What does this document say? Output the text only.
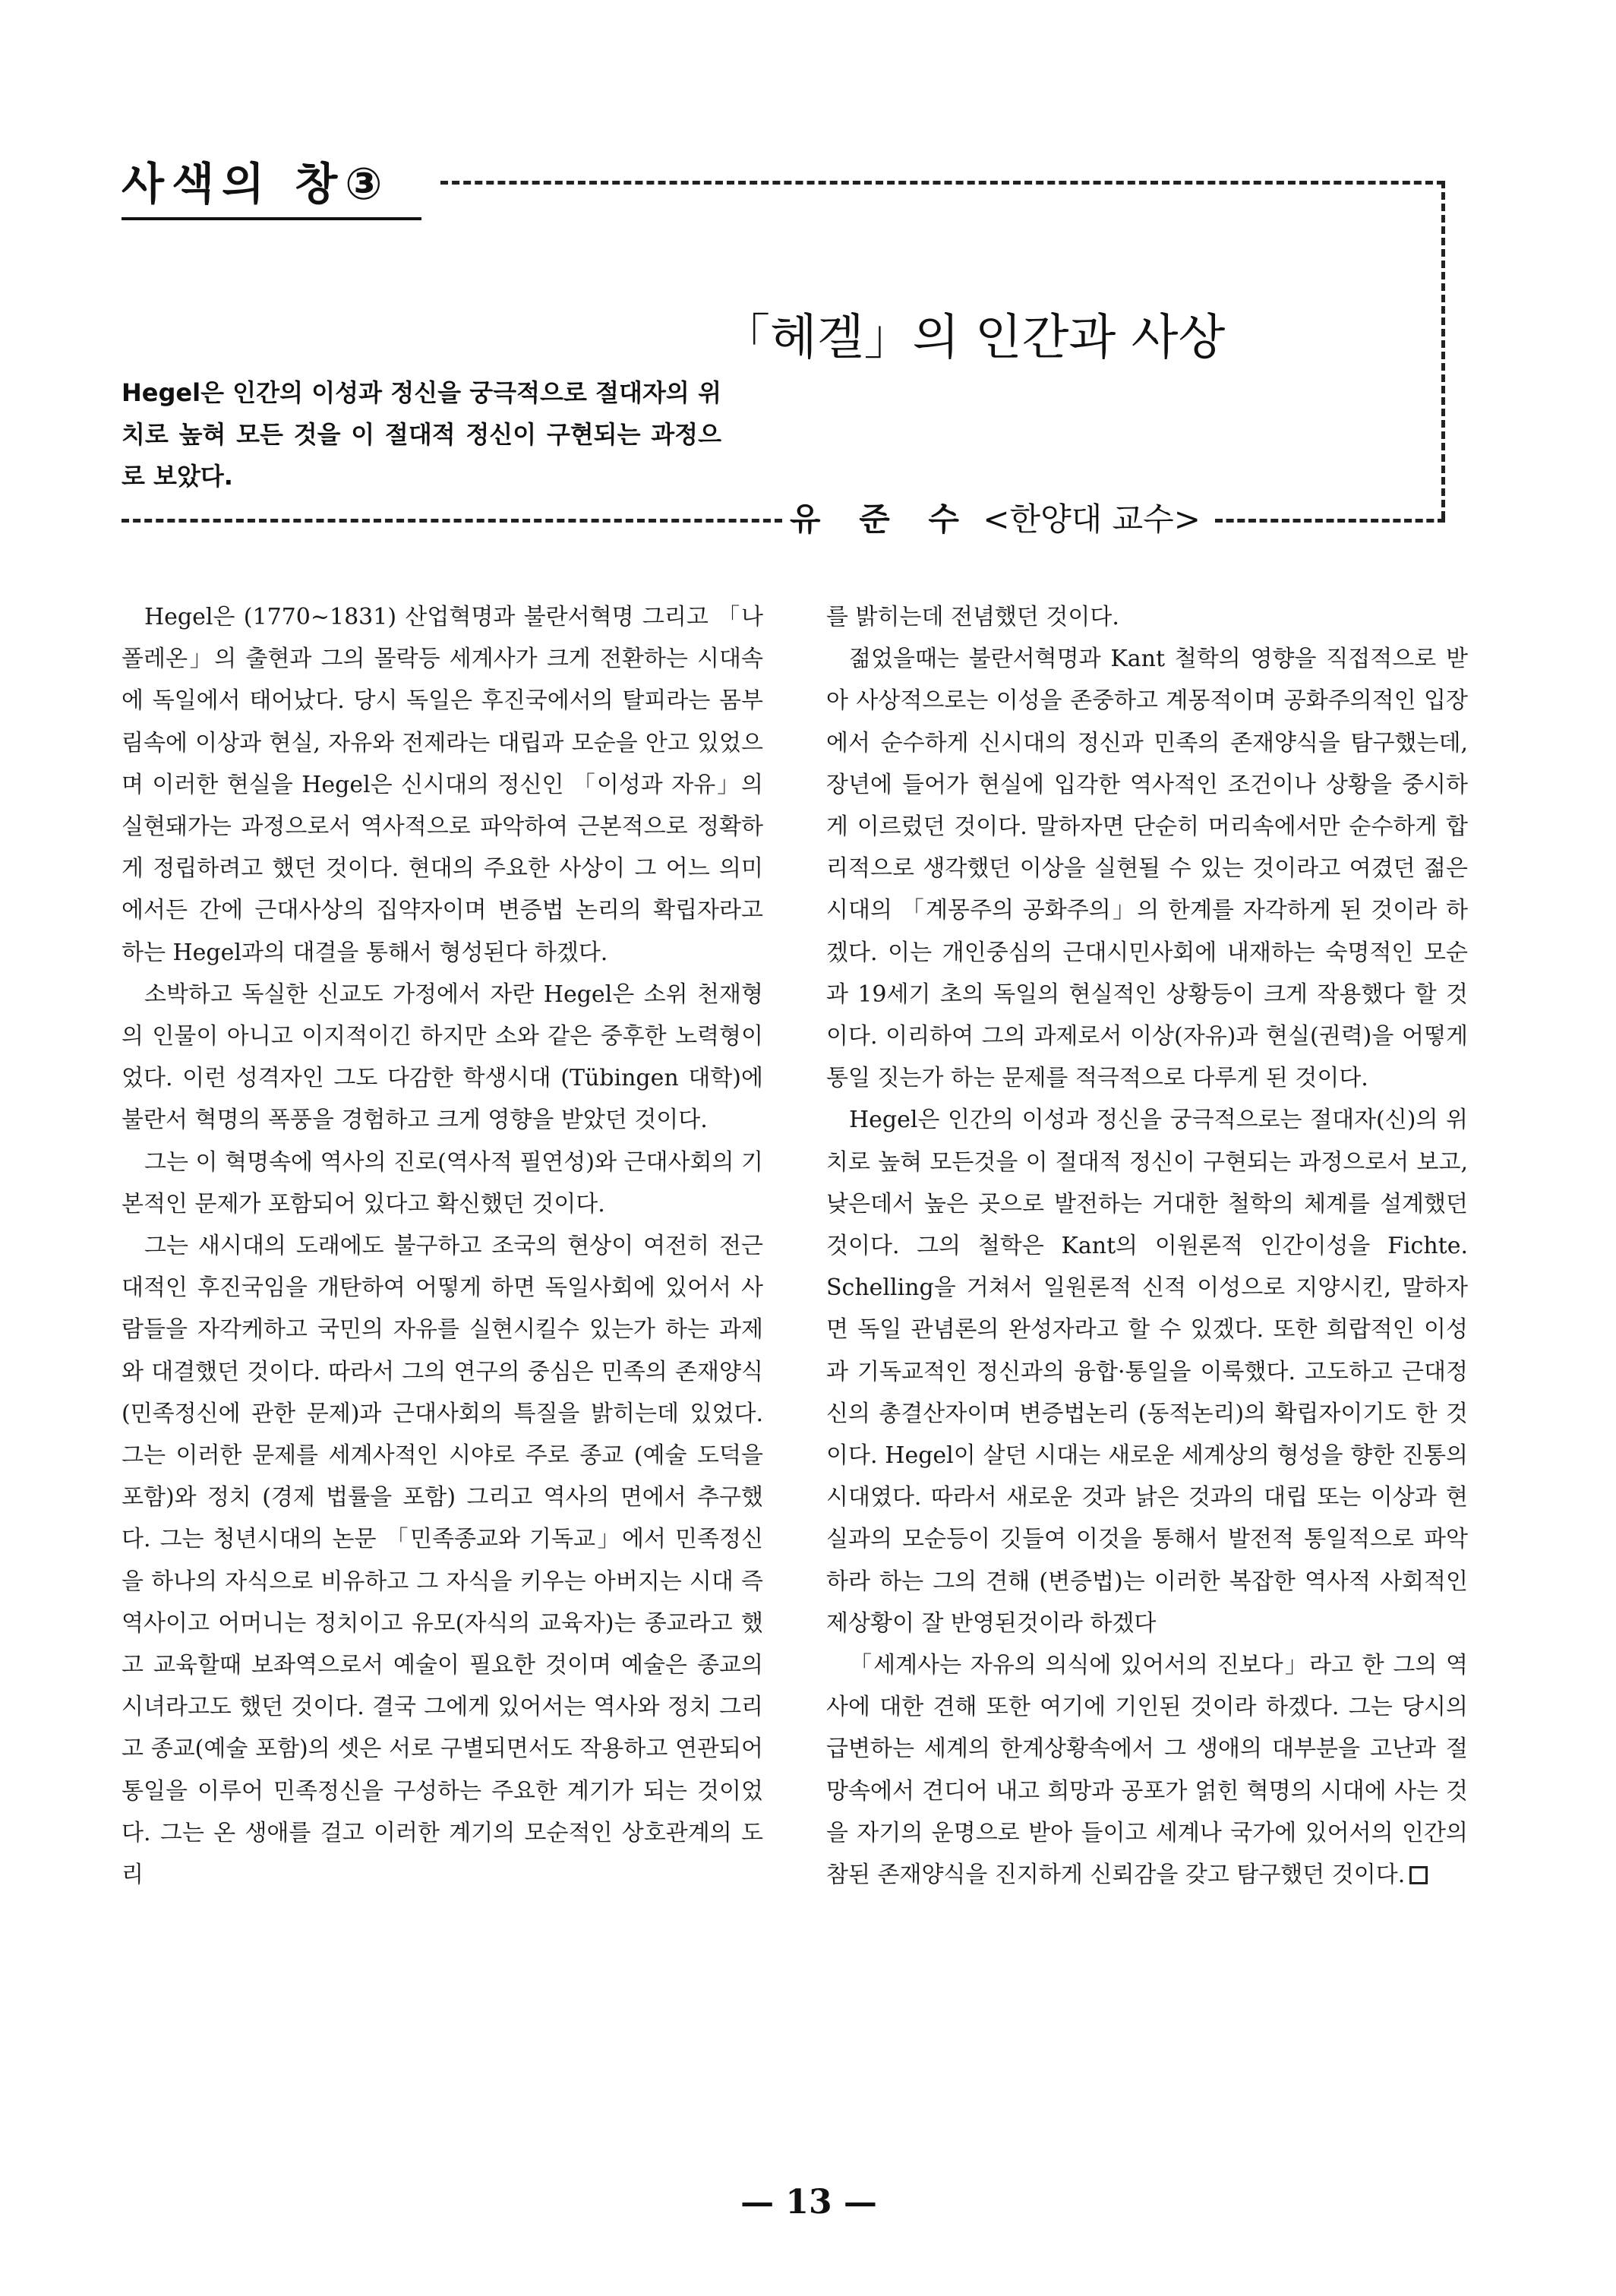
사색의 창③
「헤겔」의 인간과 사상
Hegel은 인간의 이성과 정신을 궁극적으로 절대자의 위치로 높혀 모든 것을 이 절대적 정신이 구현되는 과정으로 보았다.
유 준 수 <한양대 교수>

Hegel은 (1770~1831) 산업혁명과 불란서혁명 그리고 「나폴레온」의 출현과 그의 몰락등 세계사가 크게 전환하는 시대속에 독일에서 태어났다. 당시 독일은 후진국에서의 탈피라는 몸부림속에 이상과 현실, 자유와 전제라는 대립과 모순을 안고 있었으며 이러한 현실을 Hegel은 신시대의 정신인 「이성과 자유」의 실현돼가는 과정으로서 역사적으로 파악하여 근본적으로 정확하게 정립하려고 했던 것이다. 현대의 주요한 사상이 그 어느 의미에서든 간에 근대사상의 집약자이며 변증법 논리의 확립자라고 하는 Hegel과의 대결을 통해서 형성된다 하겠다.

소박하고 독실한 신교도 가정에서 자란 Hegel은 소위 천재형의 인물이 아니고 이지적이긴 하지만 소와 같은 중후한 노력형이었다. 이런 성격자인 그도 다감한 학생시대 (Tübingen 대학)에 불란서 혁명의 폭풍을 경험하고 크게 영향을 받았던 것이다.

그는 이 혁명속에 역사의 진로(역사적 필연성)와 근대사회의 기본적인 문제가 포함되어 있다고 확신했던 것이다.

그는 새시대의 도래에도 불구하고 조국의 현상이 여전히 전근대적인 후진국임을 개탄하여 어떻게 하면 독일사회에 있어서 사람들을 자각케하고 국민의 자유를 실현시킬수 있는가 하는 과제와 대결했던 것이다. 따라서 그의 연구의 중심은 민족의 존재양식(민족정신에 관한 문제)과 근대사회의 특질을 밝히는데 있었다. 그는 이러한 문제를 세계사적인 시야로 주로 종교 (예술 도덕을 포함)와 정치 (경제 법률을 포함) 그리고 역사의 면에서 추구했다. 그는 청년시대의 논문 「민족종교와 기독교」에서 민족정신을 하나의 자식으로 비유하고 그 자식을 키우는 아버지는 시대 즉 역사이고 어머니는 정치이고 유모(자식의 교육자)는 종교라고 했고 교육할때 보좌역으로서 예술이 필요한 것이며 예술은 종교의 시녀라고도 했던 것이다. 결국 그에게 있어서는 역사와 정치 그리고 종교(예술 포함)의 셋은 서로 구별되면서도 작용하고 연관되어 통일을 이루어 민족정신을 구성하는 주요한 계기가 되는 것이었다. 그는 온 생애를 걸고 이러한 계기의 모순적인 상호관계의 도리

를 밝히는데 전념했던 것이다.

젊었을때는 불란서혁명과 Kant 철학의 영향을 직접적으로 받아 사상적으로는 이성을 존중하고 계몽적이며 공화주의적인 입장에서 순수하게 신시대의 정신과 민족의 존재양식을 탐구했는데, 장년에 들어가 현실에 입각한 역사적인 조건이나 상황을 중시하게 이르렀던 것이다. 말하자면 단순히 머리속에서만 순수하게 합리적으로 생각했던 이상을 실현될 수 있는 것이라고 여겼던 젊은 시대의 「계몽주의 공화주의」의 한계를 자각하게 된 것이라 하겠다. 이는 개인중심의 근대시민사회에 내재하는 숙명적인 모순과 19세기 초의 독일의 현실적인 상황등이 크게 작용했다 할 것이다. 이리하여 그의 과제로서 이상(자유)과 현실(권력)을 어떻게 통일 짓는가 하는 문제를 적극적으로 다루게 된 것이다.

Hegel은 인간의 이성과 정신을 궁극적으로는 절대자(신)의 위치로 높혀 모든것을 이 절대적 정신이 구현되는 과정으로서 보고, 낮은데서 높은 곳으로 발전하는 거대한 철학의 체계를 설계했던 것이다. 그의 철학은 Kant의 이원론적 인간이성을 Fichte. Schelling을 거쳐서 일원론적 신적 이성으로 지양시킨, 말하자면 독일 관념론의 완성자라고 할 수 있겠다. 또한 희랍적인 이성과 기독교적인 정신과의 융합·통일을 이룩했다. 고도하고 근대정신의 총결산자이며 변증법논리 (동적논리)의 확립자이기도 한 것이다. Hegel이 살던 시대는 새로운 세계상의 형성을 향한 진통의 시대였다. 따라서 새로운 것과 낡은 것과의 대립 또는 이상과 현실과의 모순등이 깃들여 이것을 통해서 발전적 통일적으로 파악하라 하는 그의 견해 (변증법)는 이러한 복잡한 역사적 사회적인 제상황이 잘 반영된것이라 하겠다

「세계사는 자유의 의식에 있어서의 진보다」라고 한 그의 역사에 대한 견해 또한 여기에 기인된 것이라 하겠다. 그는 당시의 급변하는 세계의 한계상황속에서 그 생애의 대부분을 고난과 절망속에서 견디어 내고 희망과 공포가 얽힌 혁명의 시대에 사는 것을 자기의 운명으로 받아 들이고 세계나 국가에 있어서의 인간의 참된 존재양식을 진지하게 신뢰감을 갖고 탐구했던 것이다.

— 13 —
